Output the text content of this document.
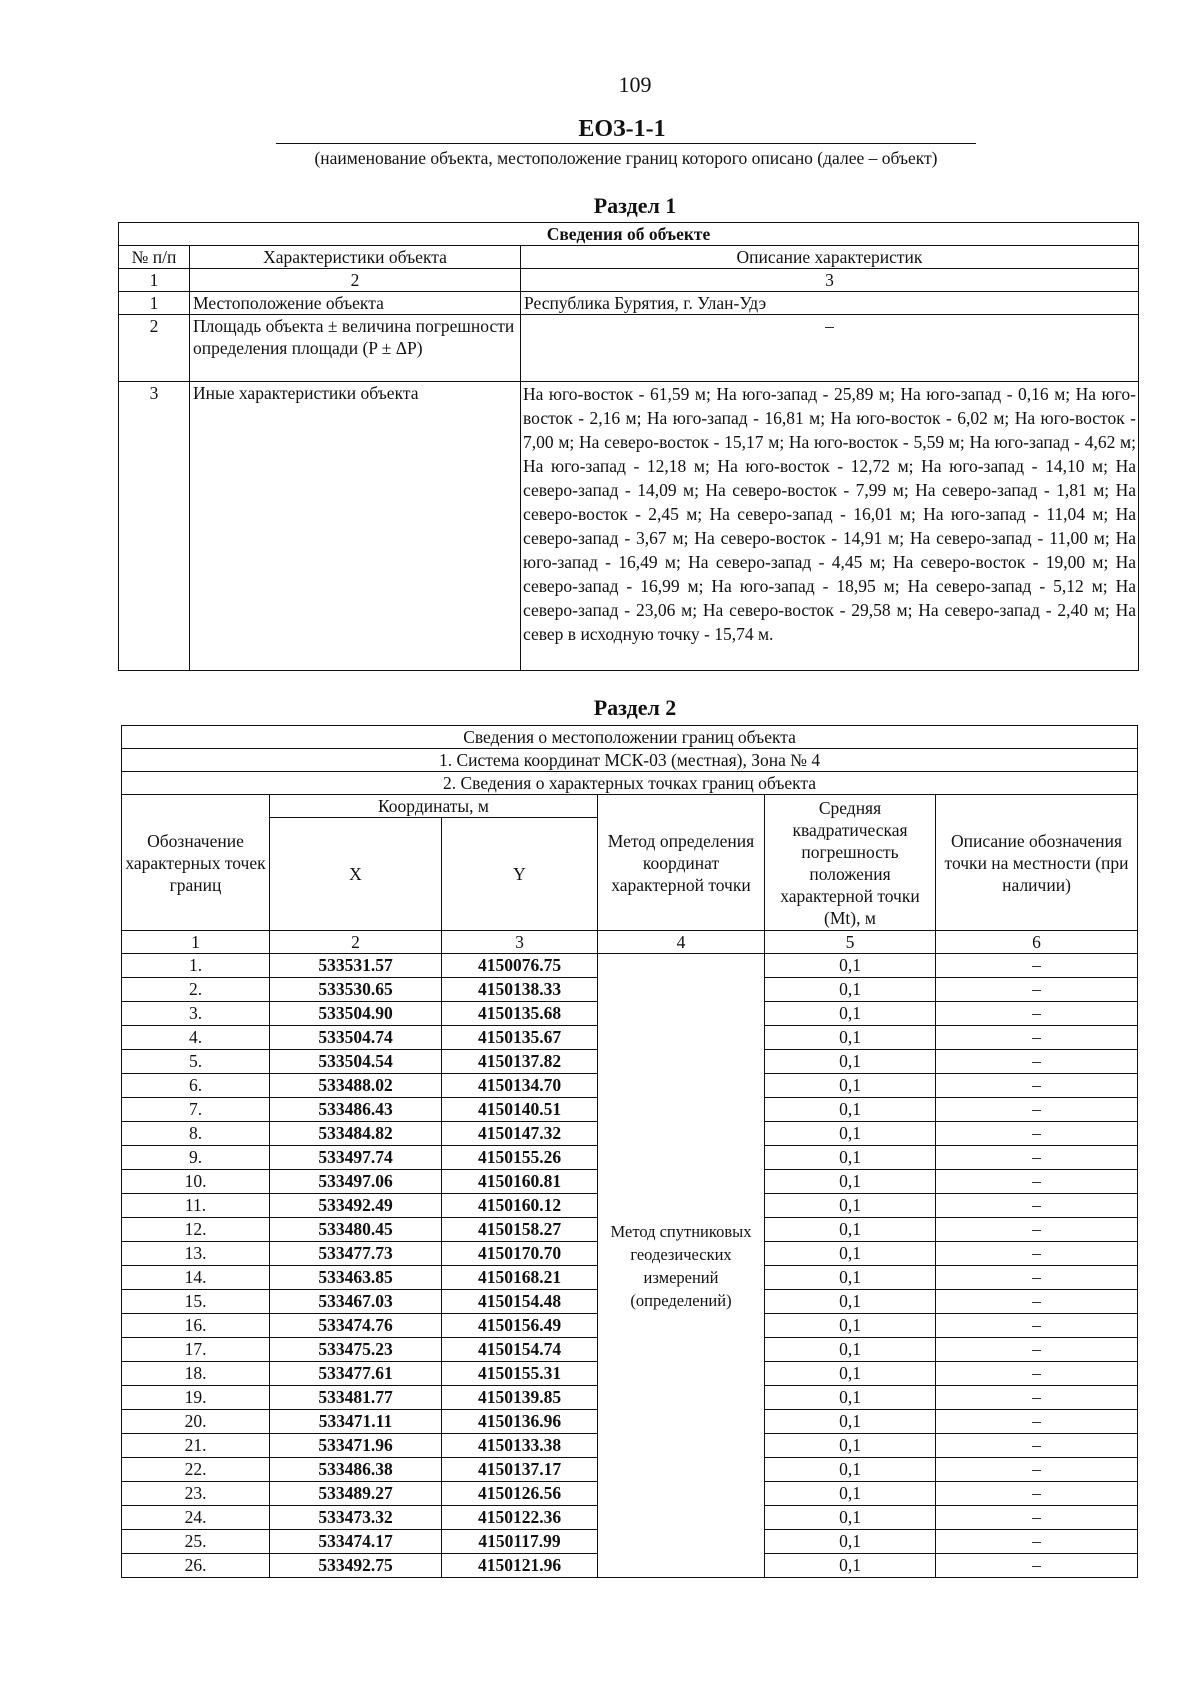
109
ЕОЗ-1-1
(наименование объекта, местоположение границ которого описано (далее – объект)
Раздел 1
Сведения об объекте		
№ п/п	Характеристики объекта	Описание характеристик
1	2	3
1	Местоположение объекта	Республика Бурятия, г. Улан-Удэ
2	Площадь объекта ± величина погрешности определения площади (P ± ΔP)	–
3	Иные характеристики объекта	На юго-восток - 61,59 м; На юго-запад - 25,89 м; На юго-запад - 0,16 м; На юго-восток - 2,16 м; На юго-запад - 16,81 м; На юго-восток - 6,02 м; На юго-восток - 7,00 м; На северо-восток - 15,17 м; На юго-восток - 5,59 м; На юго-запад - 4,62 м; На юго-запад - 12,18 м; На юго-восток - 12,72 м; На юго-запад - 14,10 м; На северо-запад - 14,09 м; На северо-восток - 7,99 м; На северо-запад - 1,81 м; На северо-восток - 2,45 м; На северо-запад - 16,01 м; На юго-запад - 11,04 м; На северо-запад - 3,67 м; На северо-восток - 14,91 м; На северо-запад - 11,00 м; На юго-запад - 16,49 м; На северо-запад - 4,45 м; На северо-восток - 19,00 м; На северо-запад - 16,99 м; На юго-запад - 18,95 м; На северо-запад - 5,12 м; На северо-запад - 23,06 м; На северо-восток - 29,58 м; На северо-запад - 2,40 м; На север в исходную точку - 15,74 м.
Раздел 2
Сведения о местоположении границ объекта					
1. Система координат МСК-03 (местная), Зона № 4					
2. Сведения о характерных точках границ объекта					
Обозначение характерных точек границ	Координаты, м		Метод определения координат характерной точки	Средняя квадратическая погрешность положения характерной точки (Mt), м	Описание обозначения точки на местности (при наличии)
	X	Y			
1	2	3	4	5	6
1.	533531.57	4150076.75	Метод спутниковых геодезических измерений (определений)	0,1	–
2.	533530.65	4150138.33		0,1	–
3.	533504.90	4150135.68		0,1	–
4.	533504.74	4150135.67		0,1	–
5.	533504.54	4150137.82		0,1	–
6.	533488.02	4150134.70		0,1	–
7.	533486.43	4150140.51		0,1	–
8.	533484.82	4150147.32		0,1	–
9.	533497.74	4150155.26		0,1	–
10.	533497.06	4150160.81		0,1	–
11.	533492.49	4150160.12		0,1	–
12.	533480.45	4150158.27		0,1	–
13.	533477.73	4150170.70		0,1	–
14.	533463.85	4150168.21		0,1	–
15.	533467.03	4150154.48		0,1	–
16.	533474.76	4150156.49		0,1	–
17.	533475.23	4150154.74		0,1	–
18.	533477.61	4150155.31		0,1	–
19.	533481.77	4150139.85		0,1	–
20.	533471.11	4150136.96		0,1	–
21.	533471.96	4150133.38		0,1	–
22.	533486.38	4150137.17		0,1	–
23.	533489.27	4150126.56		0,1	–
24.	533473.32	4150122.36		0,1	–
25.	533474.17	4150117.99		0,1	–
26.	533492.75	4150121.96		0,1	–
